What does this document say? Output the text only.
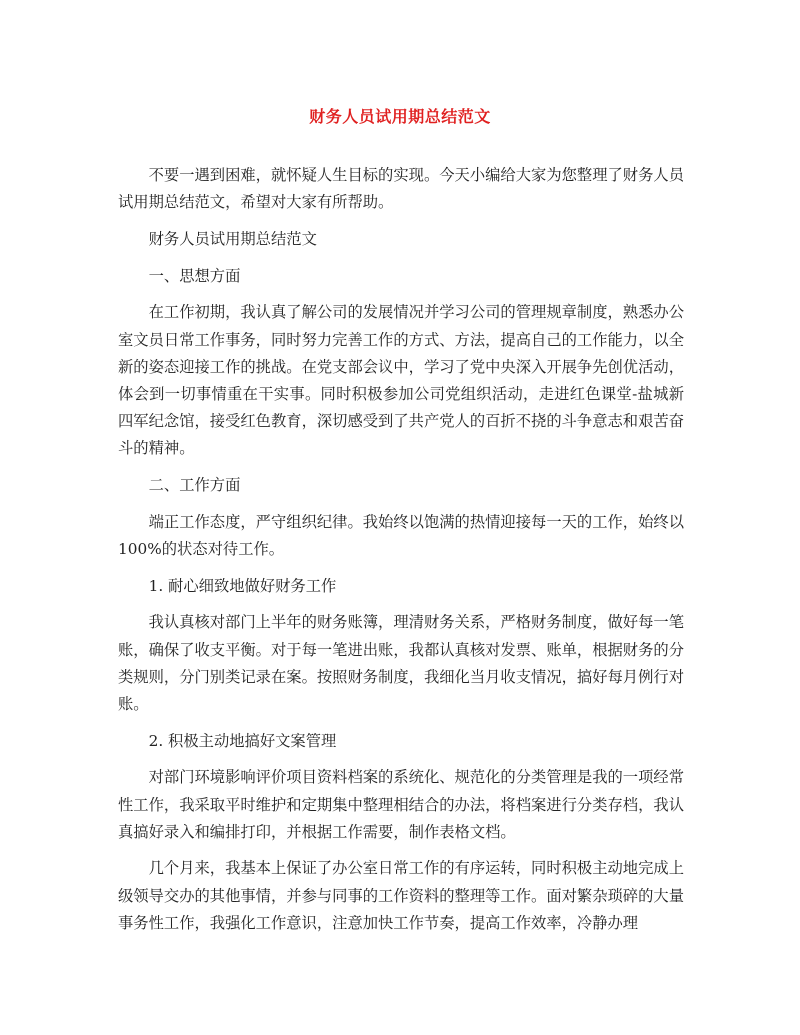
财务人员试用期总结范文

不要一遇到困难，就怀疑人生目标的实现。今天小编给大家为您整理了财务人员试用期总结范文，希望对大家有所帮助。

财务人员试用期总结范文

一、思想方面

在工作初期，我认真了解公司的发展情况并学习公司的管理规章制度，熟悉办公室文员日常工作事务，同时努力完善工作的方式、方法，提高自己的工作能力，以全新的姿态迎接工作的挑战。在党支部会议中，学习了党中央深入开展争先创优活动，体会到一切事情重在干实事。同时积极参加公司党组织活动，走进红色课堂-盐城新四军纪念馆，接受红色教育，深切感受到了共产党人的百折不挠的斗争意志和艰苦奋斗的精神。

二、工作方面

端正工作态度，严守组织纪律。我始终以饱满的热情迎接每一天的工作，始终以 100%的状态对待工作。

1. 耐心细致地做好财务工作

我认真核对部门上半年的财务账簿，理清财务关系，严格财务制度，做好每一笔账，确保了收支平衡。对于每一笔进出账，我都认真核对发票、账单，根据财务的分类规则，分门别类记录在案。按照财务制度，我细化当月收支情况，搞好每月例行对账。

2. 积极主动地搞好文案管理

对部门环境影响评价项目资料档案的系统化、规范化的分类管理是我的一项经常性工作，我采取平时维护和定期集中整理相结合的办法，将档案进行分类存档，我认真搞好录入和编排打印，并根据工作需要，制作表格文档。

几个月来，我基本上保证了办公室日常工作的有序运转，同时积极主动地完成上级领导交办的其他事情，并参与同事的工作资料的整理等工作。面对繁杂琐碎的大量事务性工作，我强化工作意识，注意加快工作节奏，提高工作效率，冷静办理
